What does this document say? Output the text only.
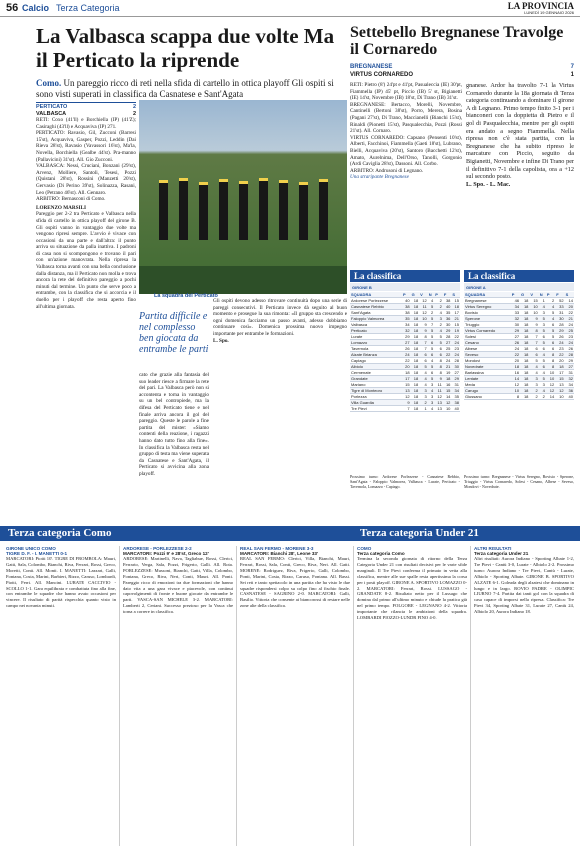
56 Calcio Terza Categoria	LA PROVINCIA
LUNEDÌ 19 GENNAIO 2026
La Valbasca scappa due volte Ma il Perticato la riprende
Como. Un pareggio ricco di reti nella sfida di cartello in ottica playoff Gli ospiti si sono visti superati in classifica da Casnatese e Sant'Agata
PERTICATO	2
VALBASCA	2

RETI: Coxo (41'll) e Borchiella (IP) (41'Z); Casiraghi (43'll) e Acquaviva (IP) 271.

PERTICATO: Ravasio, Gil, Zucconi (Barresi 15'st), Acquaviva, Gasper, Pozzi, Leddin (Dai Rieva 28'st), Ravasio (Vavassori 16'st), Ma'la, Novella, Borchiella (Gealbe 44'st). Pra-manno (Pallavicini) 31'st). All. Gio Zucconi.

VALBASCA: Nessi, Cruciani, Bonzani (29'st), Arvenz, Molliere, Santoli, Tesesi, Pozzi (Quistani 28'st), Rossini (Manzetti 20'st), Gervasio (Di Perino 39'st), Solinazza, Rasani, Leo (Petrano 46'st). All. Gennaro.

ARBITRO: Bernasconi di Como.

LORENZO MARSILI

Pareggio per 2-2 tra Perticato e Valbasca nella sfida di cartello in ottica playoff del girone B. Gli ospiti vanno in vantaggio due volte ma vengono ripresi sempre. L'avvio è vivace con occasioni da una parte e dall'altra: il punto arriva su situazione da palla inattiva. I padroni di casa non si scompongono e trovano il pari con un'azione manovrata. Nella ripresa la Valbasca torna avanti con una bella conclusione dalla distanza, ma il Perticato non molla e trova ancora la rete del definitivo pareggio a pochi minuti dal termine. Un punto che serve poco a entrambe, con la classifica che si accorcia e il duello per i playoff che resta aperto fino all'ultima giornata.

La squadra del Perticato
Partita difficile e nel complesso ben giocata da entrambe le parti

cato che grazie alla fantasia del suo leader riesce a firmare la rete del pari. La Valbasca però non si accontenta e torna in vantaggio su un bel contropiede, ma la difesa del Perticato tiene e nel finale arriva ancora il gol del pareggio. Queste le parole a fine partita del mister: «Siamo contenti della reazione, i ragazzi hanno dato tutto fino alla fine». In classifica la Valbasca resta nel gruppo di testa ma viene superata da Casnatese e Sant'Agata, il Perticato si avvicina alla zona playoff.

Gli ospiti devono adesso ritrovare continuità dopo una serie di pareggi consecutivi. Il Perticato invece dà seguito al buon momento e prosegue la sua rimonta: «Il gruppo sta crescendo e ogni domenica facciamo un passo avanti, adesso dobbiamo continuare così». Domenica prossima nuovo impegno importante per entrambe le formazioni.

L. Spo.

Settebello Bregnanese Travolge il Cornaredo
BREGNANESE	7
VIRTUS CORNAREDO	1

RETI: Pietro (8') 24'pt e 41'pt, Pasualeccia (IE) 30'pt, Fiammella (IP) 45' pt, Piccio (IB) 5' st, Bigianetti (IE) 14'st, Novembre (IB) 18'st, Di Trano (IB) 31'st.

BREGNANESE: Bertacco, Morelli, Novembre, Cantinelli (Bertoni 38'st), Porro, Merera, Bosina (Pagani 27'st), Di Trano, Maccianelli (Bianchi 15'st), Rinaldi (Pionetti 15'st), Pasqualecchia, Pozzi (Rossi 21'st). All. Cornaro.

VIRTUS CORNAREDO: Capsano (Pensenti 10'st), Alberti, Facchinoi, Fiammella (Gaeti 18'st), Lubrano, Bielli, Acquaviva (20'st), Santoro (Bacchetti 12'st), Amato, Aurelnima, Dell'Orso, Tanolli, Gorgonio (Ardi Caviglia 28'st), Dassoni. All. Corbo.

ARBITRO: Andrusoni di Legnano.

Una straripante Bregnanese

gnanese. Ardor ha travolto 7-1 la Virtus Cornaredo durante la 18a giornata di Terza categoria continuando a dominare il girone A di Legnano. Primo tempo finito 3-1 per i bianconeri con la doppietta di Pietro e il gol di Pasqualecchia, mentre per gli ospiti era andato a segno Fiammella. Nella ripresa non c'è stata partita, con la Bregnanese che ha subito ripreso le marcature con Piccio, seguito da Bigianetti, Novembre e infine Di Trano per il definitivo 7-1 della capolista, ora a +12 sul secondo posto.

L. Spo. - L. Mac.

La classifica
GIRONE B
SQUADRA	P	G	V	N	P	F	S
Ardorese Porlezzese	40	18	12	4	2	38	15
Casnatese Rebbio	38	18	11	5	2	40	18
Sant'Agata	38	18	12	2	4	35	17
Faloppio Valmorea	35	18	10	5	3	36	21
Valbasca	34	18	9	7	2	30	15
Perticato	32	18	9	5	4	29	19
Lurate	29	18	8	5	5	28	22
Lomazzo	27	18	7	6	5	27	24
Tavernola	26	18	7	5	6	25	23
Alzate Brianza	24	18	6	6	6	22	24
Capiago	22	18	6	4	8	24	28
Albiolo	20	18	5	5	8	21	30
Cermenate	18	18	4	6	8	19	27
Grandate	17	18	4	5	9	18	29
Mariano	15	18	4	3	11	16	31
Tigre di Monteoro	13	18	3	4	11	15	34
Porlezza	12	18	3	3	12	14	35
Villa Guardia	9	18	2	3	13	12	38
Tre Pievi	7	18	1	4	13	10	40
Prossimo turno: Ardorese Porlezzese - Casnatese Rebbio, Sant'Agata - Faloppio Valmorea, Valbasca - Lurate, Perticato - Tavernola, Lomazzo - Capiago.
La classifica
GIRONE A
SQUADRA	P	G	V	N	P	F	S
Bregnanese	46	18	15	1	2	52	14
Virtus Seregno	34	18	10	4	4	33	20
Bovisio	33	18	10	3	5	31	22
Sperone	32	18	9	5	4	30	21
Triuggio	30	18	9	3	6	28	24
Virtus Cornaredo	29	18	8	5	5	29	25
Solesi	27	18	7	6	5	26	23
Cesano	26	18	7	5	6	24	24
Albese	24	18	6	6	6	23	26
Seveso	22	18	6	4	8	22	28
Mondovi	20	18	5	5	8	20	29
Novedrate	18	18	4	6	8	18	27
Barlassina	16	18	4	4	10	17	31
Lentate	14	18	3	5	10	15	32
Meda	12	18	3	3	12	13	34
Carugo	10	18	2	4	12	12	36
Giussano	8	18	2	2	14	10	40
Prossimo turno: Bregnanese - Virtus Seregno, Bovisio - Sperone, Triuggio - Virtus Cornaredo, Solesi - Cesano, Albese - Seveso, Mondovi - Novedrate.
Terza categoria Como	Terza categoria Under 21
GIRONE UNICO COMO
TIGRE D. F. - I. MANETTI 0-1
MARCATORI: Piotti 10'. TIGRE DI FROMBOLA: Mauri, Gatti, Sala, Colombo, Bianchi, Riva, Ferrari, Rossi, Greco, Moretti, Conti. All. Monti. I. MANETTI: Lazzari, Galli, Fontana, Costa, Marini, Barbieri, Rizzo, Caruso, Lombardi, Piotti, Ferri. All. Mancini. LURATE CACCIVIO - SCOLLO 1-1. Gara equilibrata e combattuta fino alla fine, con entrambe le squadre che hanno avuto occasioni per vincere. Il risultato di parità rispecchia quanto visto in campo nei novanta minuti.
ARDORESE - PORLEZZESE 2-2
MARCATORI: Pozzi 9' e 28'st, Greco 12'
ARDORESE: Martinelli, Nava, Tagliabue, Rossi, Clerici, Ferrario, Verga, Sala, Pozzi, Frigerio, Galli. All. Rota. PORLEZZESE: Mussoni, Bianchi, Gatti, Villa, Colombo, Fontana, Greco, Riva, Neri, Conti, Mauri. All. Ponti. Pareggio ricco di emozioni tra due formazioni che hanno dato vita a una gara vivace e piacevole, con continui capovolgimenti di fronte e buone giocate da entrambe le parti. VASCA-SAN MICHELE 3-2. MARCATORI: Lamberti 2, Ceriani. Successo prezioso per la Vasca che torna a correre in classifica.
REAL SAN FERMO - MORENE 3-3
MARCATORI: Bianchi 28', Leone 33'
REAL SAN FERMO: Clerici, Villa, Bianchi, Mauri, Ferrari, Rossi, Sala, Conti, Greco, Riva, Neri. All. Gatti. MORENE: Rodriguez, Riva, Frigerio, Galli, Colombo, Ponti, Marini, Costa, Rizzo, Caruso, Fontana. All. Bassi. Sei reti e tanto spettacolo in una partita che ha visto le due squadre rispondersi colpo su colpo fino al fischio finale. CASNATESE - SAGRINO 2-0. MARCATORI: Galli, Basilio. Vittoria che consente ai biancorossi di restare nelle zone alte della classifica.
COMO
Terza categoria Como
Termina la seconda giornata di ritorno della Terza Categoria Under 21 con risultati decisivi per le varie sfide marginali. Il Tre Pievi conferma il primato in vetta alla classifica, mentre alle sue spalle resta apertissima la corsa per i posti playoff. GIRONE A. SPORTIVO LOMAZZO 0-2. MARCATORI: Ferrari, Rossi. LUSSAGO - GRANDATE 8-2. Risultato netto per il Lussago che domina dal primo all'ultimo minuto e chiude la pratica già nel primo tempo. FOLGORE - LEGNANO 4-2. Vittoria importante che rilancia le ambizioni della squadra. LOMBARDI PIOZZO-LUNDR FINO 4-0.
ALTRI RISULTATI
Terza categoria Under 21
Altri risultati: Aurora Indiano - Sporting Albate 1-2, Tre Pievi - Cantù 3-0, Lurate - Albiolo 2-2. Prossimo turno: Aurora Indiano - Tre Pievi, Cantù - Lurate, Albiolo - Sporting Albate. GIRONE B. SPORTIVO ALZATE 6-1. Goleada degli alzatesi che dominano in lungo e in largo. ROVIO PADRE - OLIMPIC LIURNO 7-4. Partita dai tanti gol con la squadra di casa capace di imporsi nella ripresa. Classifica: Tre Pievi 34, Sporting Albate 31, Lurate 27, Cantù 24, Albiolo 20, Aurora Indiano 18.
